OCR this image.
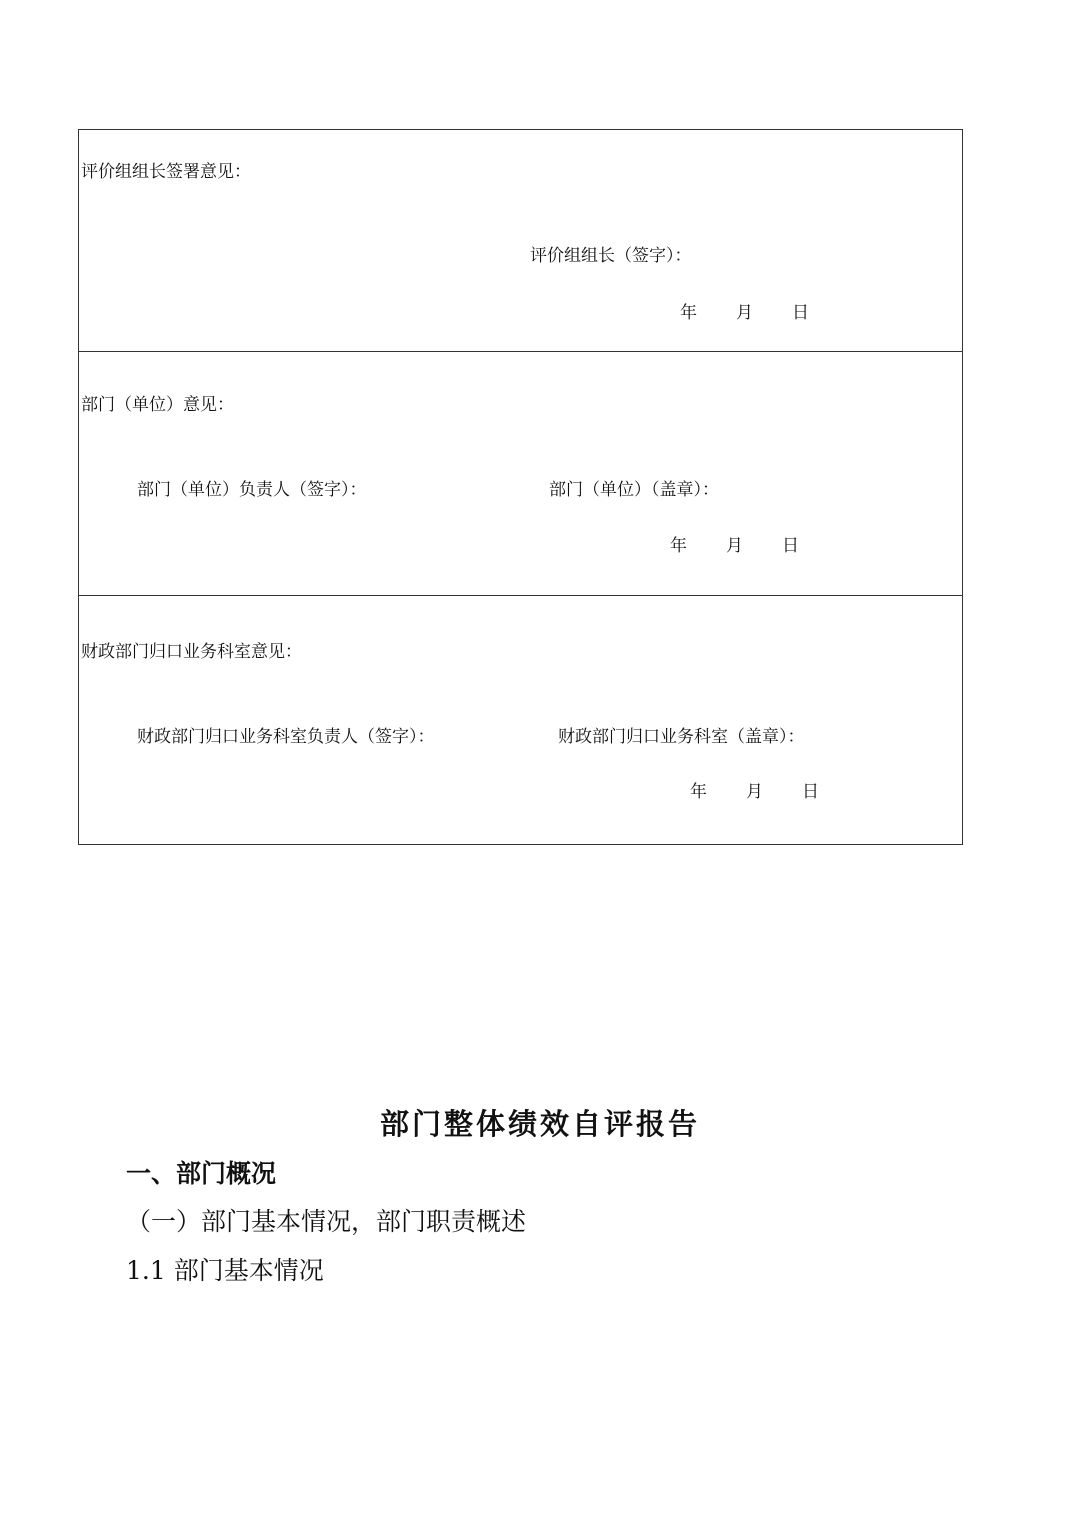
评价组组长签署意见：
评价组组长（签字）：
年 月 日
部门（单位）意见：
部门（单位）负责人（签字）：	部门（单位）（盖章）：
年 月 日
财政部门归口业务科室意见：
财政部门归口业务科室负责人（签字）：	财政部门归口业务科室（盖章）：
年 月 日
部门整体绩效自评报告
一、部门概况
（一）部门基本情况，部门职责概述
1.1 部门基本情况
